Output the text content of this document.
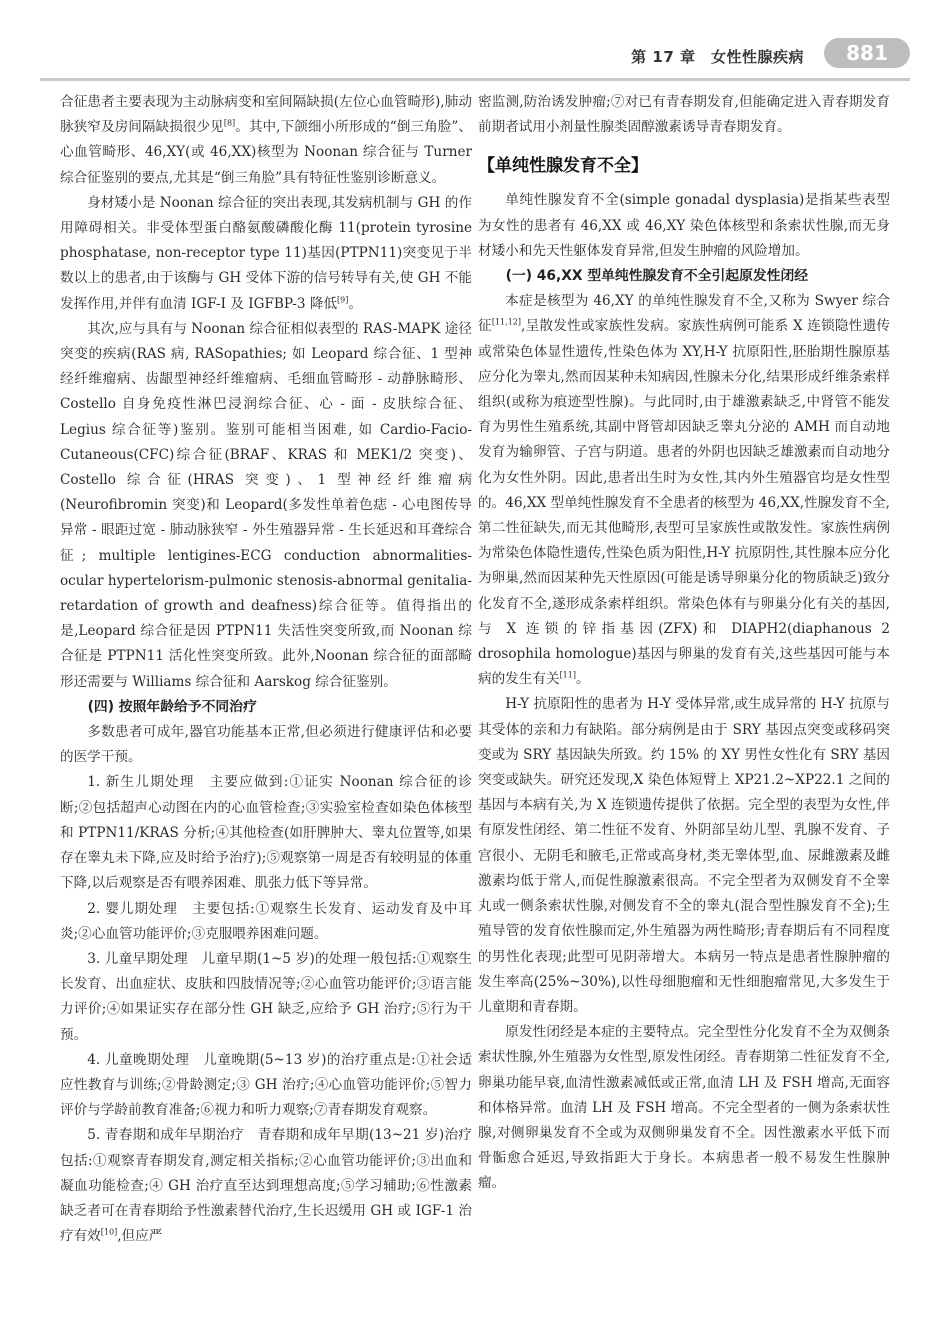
第 17 章　女性性腺疾病	881

合征患者主要表现为主动脉病变和室间隔缺损(左位心血管畸形),肺动脉狭窄及房间隔缺损很少见[8]。其中,下颌细小所形成的“倒三角脸”、心血管畸形、46,XY(或 46,XX)核型为 Noonan 综合征与 Turner 综合征鉴别的要点,尤其是“倒三角脸”具有特征性鉴别诊断意义。

身材矮小是 Noonan 综合征的突出表现,其发病机制与 GH 的作用障碍相关。非受体型蛋白酪氨酸磷酸化酶 11(protein tyrosine phosphatase, non-receptor type 11)基因(PTPN11)突变见于半数以上的患者,由于该酶与 GH 受体下游的信号转导有关,使 GH 不能发挥作用,并伴有血清 IGF-I 及 IGFBP-3 降低[9]。

其次,应与具有与 Noonan 综合征相似表型的 RAS-MAPK 途径突变的疾病(RAS 病, RASopathies; 如 Leopard 综合征、1 型神经纤维瘤病、齿龈型神经纤维瘤病、毛细血管畸形 - 动静脉畸形、Costello 自身免疫性淋巴浸润综合征、心 - 面 - 皮肤综合征、Legius 综合征等)鉴别。鉴别可能相当困难, 如 Cardio-Facio-Cutaneous(CFC)综合征(BRAF、KRAS 和 MEK1/2 突变)、Costello 综合征(HRAS 突变)、1 型神经纤维瘤病(Neurofibromin 突变)和 Leopard(多发性单着色痣 - 心电图传导异常 - 眼距过宽 - 肺动脉狭窄 - 外生殖器异常 - 生长延迟和耳聋综合征; multiple lentigines-ECG conduction abnormalities-ocular hypertelorism-pulmonic stenosis-abnormal genitalia-retardation of growth and deafness)综合征等。值得指出的是,Leopard 综合征是因 PTPN11 失活性突变所致,而 Noonan 综合征是 PTPN11 活化性突变所致。此外,Noonan 综合征的面部畸形还需要与 Williams 综合征和 Aarskog 综合征鉴别。

(四) 按照年龄给予不同治疗

多数患者可成年,器官功能基本正常,但必须进行健康评估和必要的医学干预。

1. 新生儿期处理　主要应做到:①证实 Noonan 综合征的诊断;②包括超声心动图在内的心血管检查;③实验室检查如染色体核型和 PTPN11/KRAS 分析;④其他检查(如肝脾肿大、睾丸位置等,如果存在睾丸未下降,应及时给予治疗);⑤观察第一周是否有较明显的体重下降,以后观察是否有喂养困难、肌张力低下等异常。

2. 婴儿期处理　主要包括:①观察生长发育、运动发育及中耳炎;②心血管功能评价;③克服喂养困难问题。

3. 儿童早期处理　儿童早期(1~5 岁)的处理一般包括:①观察生长发育、出血症状、皮肤和四肢情况等;②心血管功能评价;③语言能力评价;④如果证实存在部分性 GH 缺乏,应给予 GH 治疗;⑤行为干预。

4. 儿童晚期处理　儿童晚期(5~13 岁)的治疗重点是:①社会适应性教育与训练;②骨龄测定;③ GH 治疗;④心血管功能评价;⑤智力评价与学龄前教育准备;⑥视力和听力观察;⑦青春期发育观察。

5. 青春期和成年早期治疗　青春期和成年早期(13~21 岁)治疗包括:①观察青春期发育,测定相关指标;②心血管功能评价;③出血和凝血功能检查;④ GH 治疗直至达到理想高度;⑤学习辅助;⑥性激素缺乏者可在青春期给予性激素替代治疗,生长迟缓用 GH 或 IGF-1 治疗有效[10],但应严

密监测,防治诱发肿瘤;⑦对已有青春期发育,但能确定进入青春期发育前期者试用小剂量性腺类固醇激素诱导青春期发育。

【单纯性腺发育不全】

单纯性腺发育不全(simple gonadal dysplasia)是指某些表型为女性的患者有 46,XX 或 46,XY 染色体核型和条索状性腺,而无身材矮小和先天性躯体发育异常,但发生肿瘤的风险增加。

(一) 46,XX 型单纯性腺发育不全引起原发性闭经

本症是核型为 46,XY 的单纯性腺发育不全,又称为 Swyer 综合征[11,12],呈散发性或家族性发病。家族性病例可能系 X 连锁隐性遗传或常染色体显性遗传,性染色体为 XY,H-Y 抗原阳性,胚胎期性腺原基应分化为睾丸,然而因某种未知病因,性腺未分化,结果形成纤维条索样组织(或称为痕迹型性腺)。与此同时,由于雄激素缺乏,中肾管不能发育为男性生殖系统,其副中肾管却因缺乏睾丸分泌的 AMH 而自动地发育为输卵管、子宫与阴道。患者的外阴也因缺乏雄激素而自动地分化为女性外阴。因此,患者出生时为女性,其内外生殖器官均是女性型的。46,XX 型单纯性腺发育不全患者的核型为 46,XX,性腺发育不全,第二性征缺失,而无其他畸形,表型可呈家族性或散发性。家族性病例为常染色体隐性遗传,性染色质为阳性,H-Y 抗原阴性,其性腺本应分化为卵巢,然而因某种先天性原因(可能是诱导卵巢分化的物质缺乏)致分化发育不全,遂形成条索样组织。常染色体有与卵巢分化有关的基因,与 X 连锁的锌指基因(ZFX)和 DIAPH2(diaphanous 2 drosophila homologue)基因与卵巢的发育有关,这些基因可能与本病的发生有关[11]。

H-Y 抗原阳性的患者为 H-Y 受体异常,或生成异常的 H-Y 抗原与其受体的亲和力有缺陷。部分病例是由于 SRY 基因点突变或移码突变或为 SRY 基因缺失所致。约 15% 的 XY 男性女性化有 SRY 基因突变或缺失。研究还发现,X 染色体短臂上 XP21.2~XP22.1 之间的基因与本病有关,为 X 连锁遗传提供了依据。完全型的表型为女性,伴有原发性闭经、第二性征不发育、外阴部呈幼儿型、乳腺不发育、子宫很小、无阴毛和腋毛,正常或高身材,类无睾体型,血、尿雌激素及雌激素均低于常人,而促性腺激素很高。不完全型者为双侧发育不全睾丸或一侧条索状性腺,对侧发育不全的睾丸(混合型性腺发育不全);生殖导管的发育依性腺而定,外生殖器为两性畸形;青春期后有不同程度的男性化表现;此型可见阴蒂增大。本病另一特点是患者性腺肿瘤的发生率高(25%~30%),以性母细胞瘤和无性细胞瘤常见,大多发生于儿童期和青春期。

原发性闭经是本症的主要特点。完全型性分化发育不全为双侧条索状性腺,外生殖器为女性型,原发性闭经。青春期第二性征发育不全,卵巢功能早衰,血清性激素减低或正常,血清 LH 及 FSH 增高,无面容和体格异常。血清 LH 及 FSH 增高。不完全型者的一侧为条索状性腺,对侧卵巢发育不全或为双侧卵巢发育不全。因性激素水平低下而骨骺愈合延迟,导致指距大于身长。本病患者一般不易发生性腺肿瘤。
